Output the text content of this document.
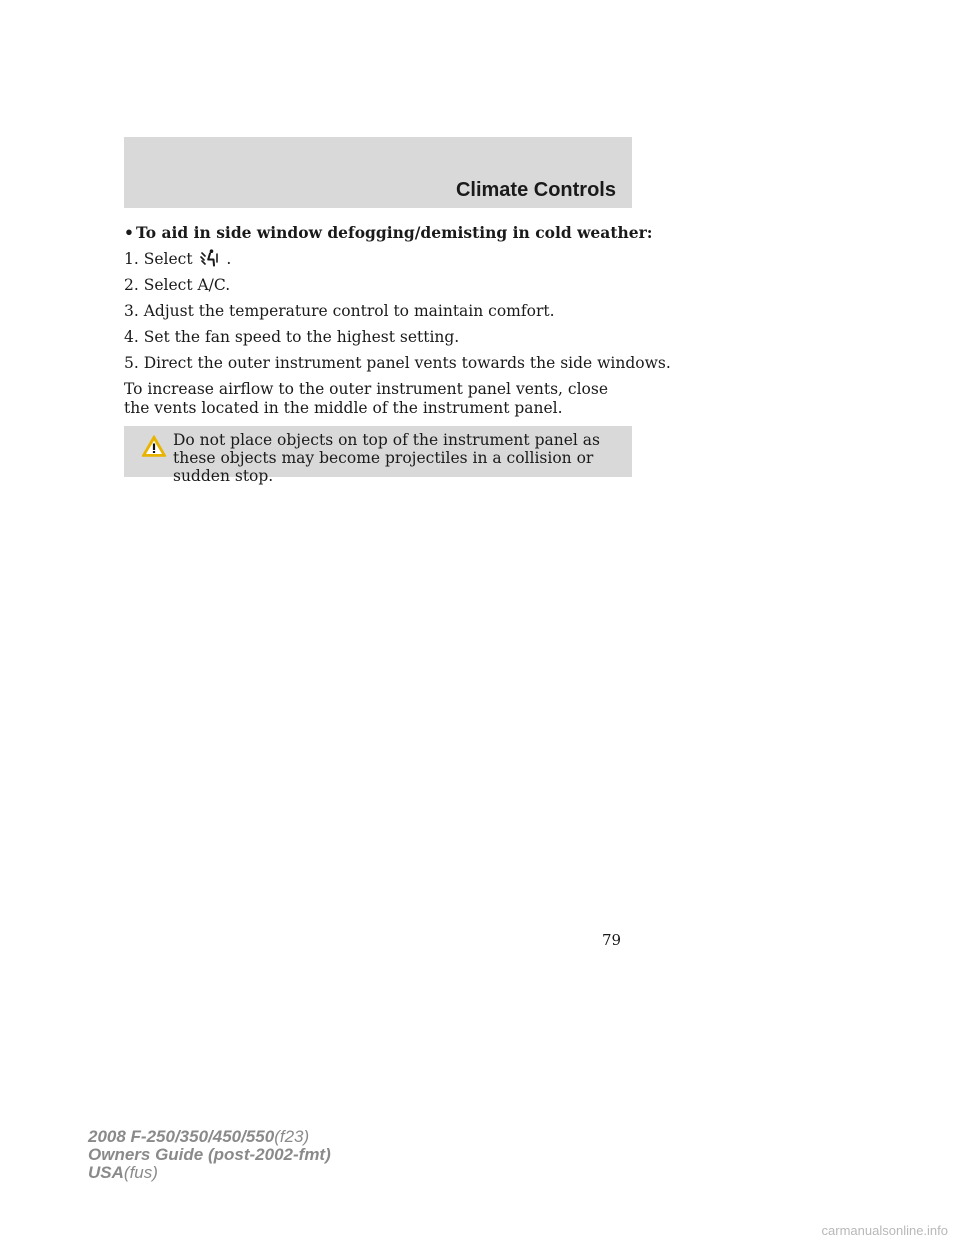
Climate Controls
• To aid in side window defogging/demisting in cold weather:
1. Select .
2. Select A/C.
3. Adjust the temperature control to maintain comfort.
4. Set the fan speed to the highest setting.
5. Direct the outer instrument panel vents towards the side windows.
To increase airflow to the outer instrument panel vents, close the vents located in the middle of the instrument panel.
Do not place objects on top of the instrument panel as these objects may become projectiles in a collision or sudden stop.
79
2008 F-250/350/450/550(f23)
Owners Guide (post-2002-fmt)
USA(fus)
carmanualsonline.info
